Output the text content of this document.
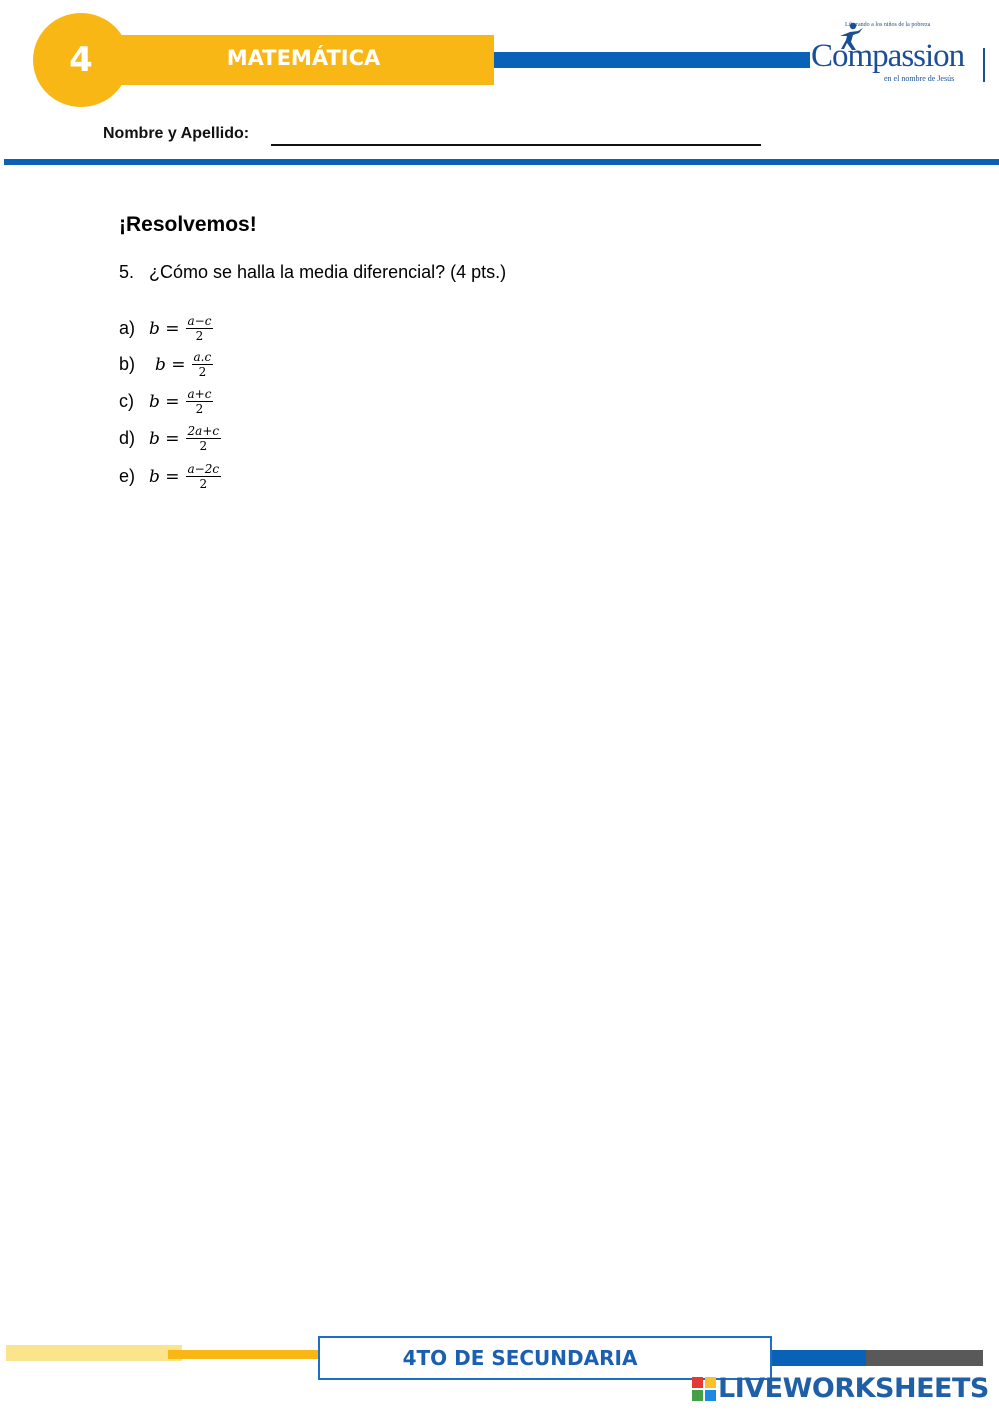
4	MATEMÁTICA
Liberando a los niños de la pobreza
Compassion
en el nombre de Jesús
Nombre y Apellido:
¡Resolvemos!
5. ¿Cómo se halla la media diferencial? (4 pts.)
a) $b = \frac{a-c}{2}$
b)	$b = \frac{a.c}{2}$
c) $b = \frac{a+c}{2}$
d) $b = \frac{2a+c}{2}$
e) $b = \frac{a-2c}{2}$
4TO DE SECUNDARIA
LIVEWORKSHEETS
